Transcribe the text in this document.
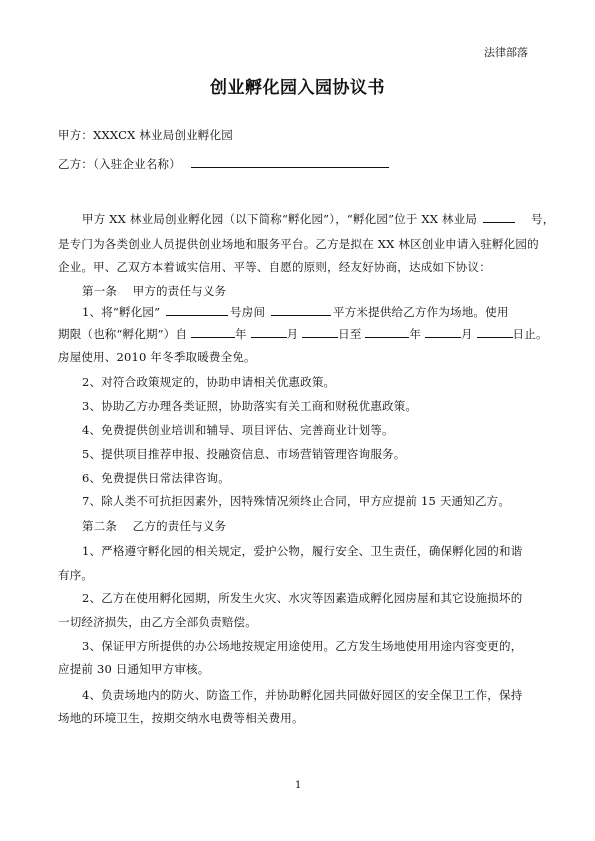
法律部落
创业孵化园入园协议书
甲方：XXXCX 林业局创业孵化园
乙方：（入驻企业名称）
甲方 XX 林业局创业孵化园（以下简称“孵化园”），“孵化园”位于 XX 林业局	号，
是专门为各类创业人员提供创业场地和服务平台。乙方是拟在 XX 林区创业申请入驻孵化园的
企业。甲、乙双方本着诚实信用、平等、自愿的原则，经友好协商，达成如下协议：
第一条　 甲方的责任与义务
1、将“孵化园”	号房间	平方米提供给乙方作为场地。使用
期限（也称“孵化期”）自	年	月	日至	年	月	日止。
房屋使用、2010 年冬季取暖费全免。
2、对符合政策规定的，协助申请相关优惠政策。
3、协助乙方办理各类证照，协助落实有关工商和财税优惠政策。
4、免费提供创业培训和辅导、项目评估、完善商业计划等。
5、提供项目推荐申报、投融资信息、市场营销管理咨询服务。
6、免费提供日常法律咨询。
7、除人类不可抗拒因素外，因特殊情况须终止合同，甲方应提前 15 天通知乙方。
第二条　 乙方的责任与义务
1、严格遵守孵化园的相关规定，爱护公物，履行安全、卫生责任，确保孵化园的和谐
有序。
2、乙方在使用孵化园期，所发生火灾、水灾等因素造成孵化园房屋和其它设施损坏的
一切经济损失，由乙方全部负责赔偿。
3、保证甲方所提供的办公场地按规定用途使用。乙方发生场地使用用途内容变更的，
应提前 30 日通知甲方审核。
4、负责场地内的防火、防盗工作，并协助孵化园共同做好园区的安全保卫工作，保持
场地的环境卫生，按期交纳水电费等相关费用。
1
